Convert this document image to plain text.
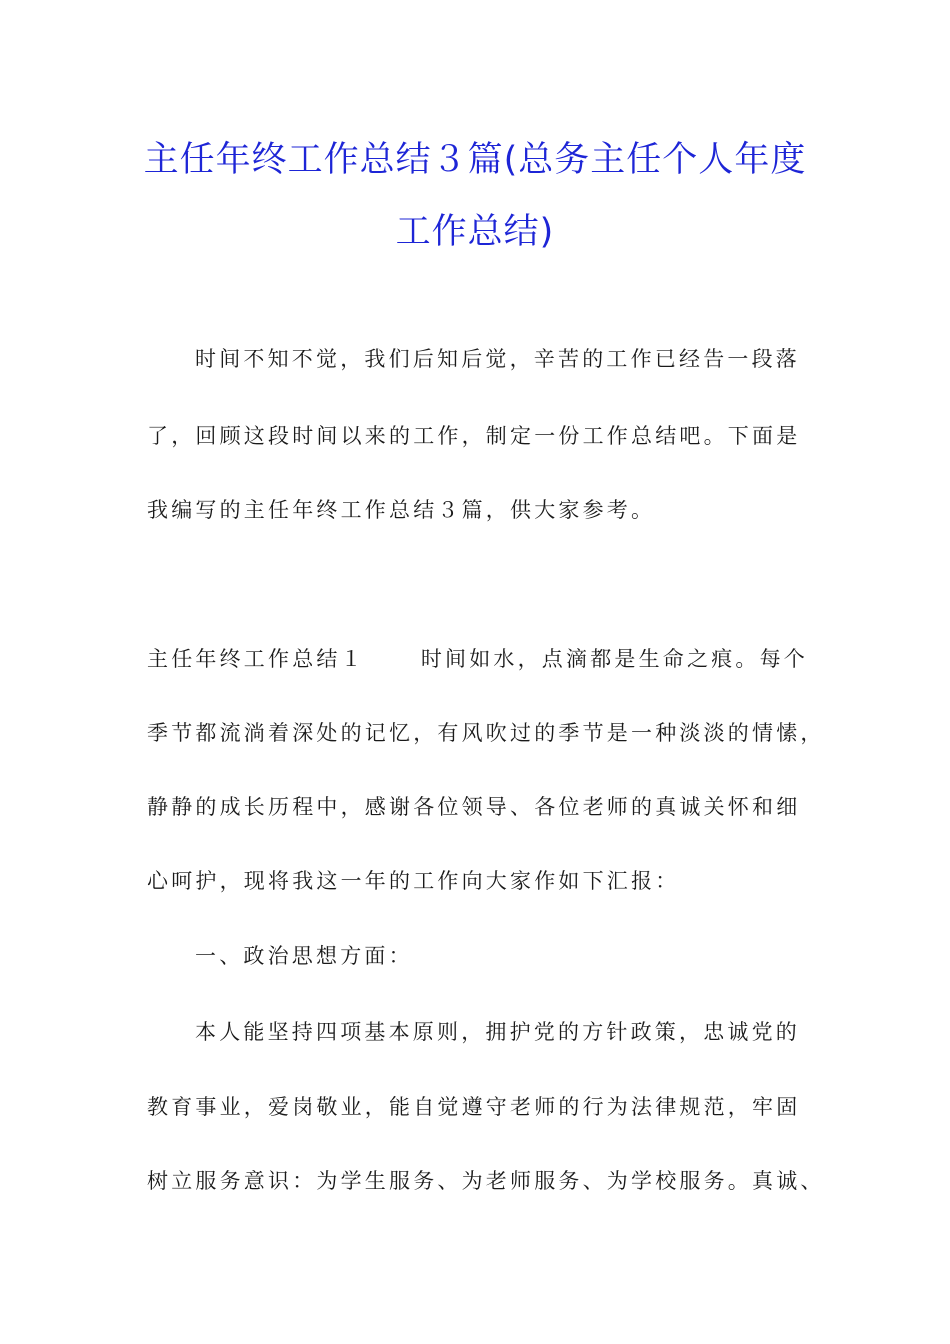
主任年终工作总结３篇(总务主任个人年度
工作总结)
时间不知不觉，我们后知后觉，辛苦的工作已经告一段落
了，回顾这段时间以来的工作，制定一份工作总结吧。下面是
我编写的主任年终工作总结３篇，供大家参考。
主任年终工作总结１	时间如水，点滴都是生命之痕。每个
季节都流淌着深处的记忆，有风吹过的季节是一种淡淡的情愫，
静静的成长历程中，感谢各位领导、各位老师的真诚关怀和细
心呵护，现将我这一年的工作向大家作如下汇报：
一、政治思想方面：
本人能坚持四项基本原则，拥护党的方针政策，忠诚党的
教育事业，爱岗敬业，能自觉遵守老师的行为法律规范，牢固
树立服务意识：为学生服务、为老师服务、为学校服务。真诚、
